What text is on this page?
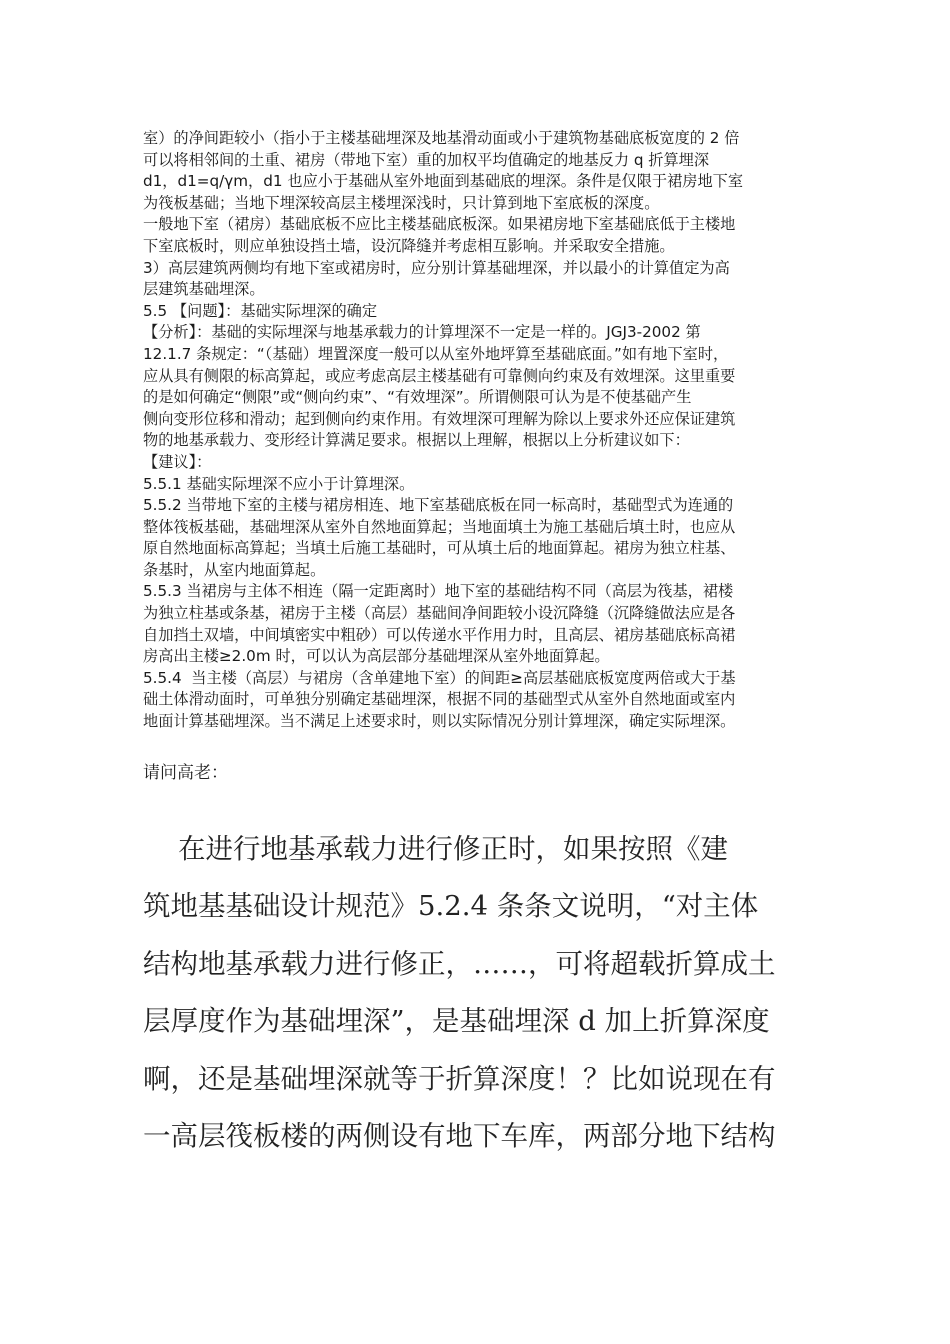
室）的净间距较小（指小于主楼基础埋深及地基滑动面或小于建筑物基础底板宽度的 2 倍
可以将相邻间的土重、裙房（带地下室）重的加权平均值确定的地基反力 q 折算埋深
d1，d1=q/γm，d1 也应小于基础从室外地面到基础底的埋深。条件是仅限于裙房地下室
为筏板基础；当地下埋深较高层主楼埋深浅时，只计算到地下室底板的深度。
一般地下室（裙房）基础底板不应比主楼基础底板深。如果裙房地下室基础底低于主楼地
下室底板时，则应单独设挡土墙，设沉降缝并考虑相互影响。并采取安全措施。
3）高层建筑两侧均有地下室或裙房时，应分别计算基础埋深，并以最小的计算值定为高
层建筑基础埋深。
5.5 【问题】：基础实际埋深的确定
【分析】：基础的实际埋深与地基承载力的计算埋深不一定是一样的。JGJ3-2002 第
12.1.7 条规定：“（基础）埋置深度一般可以从室外地坪算至基础底面。”如有地下室时，
应从具有侧限的标高算起，或应考虑高层主楼基础有可靠侧向约束及有效埋深。这里重要
的是如何确定“侧限”或“侧向约束”、“有效埋深”。所谓侧限可认为是不使基础产生
侧向变形位移和滑动；起到侧向约束作用。有效埋深可理解为除以上要求外还应保证建筑
物的地基承载力、变形经计算满足要求。根据以上理解，根据以上分析建议如下：
【建议】：
5.5.1 基础实际埋深不应小于计算埋深。
5.5.2 当带地下室的主楼与裙房相连、地下室基础底板在同一标高时，基础型式为连通的
整体筏板基础，基础埋深从室外自然地面算起；当地面填土为施工基础后填土时，也应从
原自然地面标高算起；当填土后施工基础时，可从填土后的地面算起。裙房为独立柱基、
条基时，从室内地面算起。
5.5.3 当裙房与主体不相连（隔一定距离时）地下室的基础结构不同（高层为筏基，裙楼
为独立柱基或条基，裙房于主楼（高层）基础间净间距较小设沉降缝（沉降缝做法应是各
自加挡土双墙，中间填密实中粗砂）可以传递水平作用力时，且高层、裙房基础底标高裙
房高出主楼≥2.0m 时，可以认为高层部分基础埋深从室外地面算起。
5.5.4  当主楼（高层）与裙房（含单建地下室）的间距≥高层基础底板宽度两倍或大于基
础土体滑动面时，可单独分别确定基础埋深，根据不同的基础型式从室外自然地面或室内
地面计算基础埋深。当不满足上述要求时，则以实际情况分别计算埋深，确定实际埋深。
请问高老：
在进行地基承载力进行修正时，如果按照《建
筑地基基础设计规范》5.2.4 条条文说明，“对主体
结构地基承载力进行修正，……，可将超载折算成土
层厚度作为基础埋深”，是基础埋深 d 加上折算深度
啊，还是基础埋深就等于折算深度！？比如说现在有
一高层筏板楼的两侧设有地下车库，两部分地下结构
